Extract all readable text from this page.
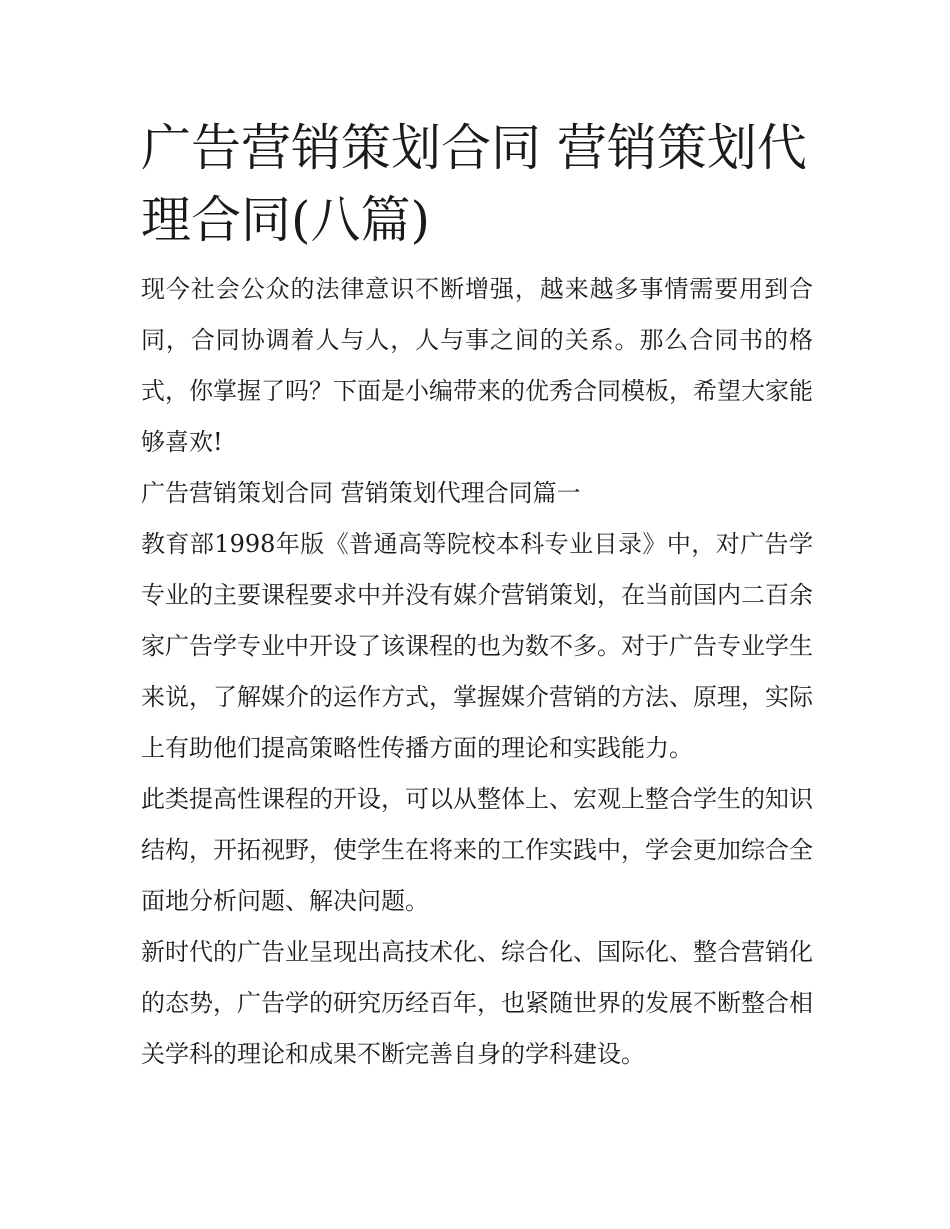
广告营销策划合同 营销策划代理合同(八篇)

现今社会公众的法律意识不断增强，越来越多事情需要用到合同，合同协调着人与人，人与事之间的关系。那么合同书的格式，你掌握了吗？下面是小编带来的优秀合同模板，希望大家能够喜欢!

广告营销策划合同 营销策划代理合同篇一

教育部1998年版《普通高等院校本科专业目录》中，对广告学专业的主要课程要求中并没有媒介营销策划，在当前国内二百余家广告学专业中开设了该课程的也为数不多。对于广告专业学生来说，了解媒介的运作方式，掌握媒介营销的方法、原理，实际上有助他们提高策略性传播方面的理论和实践能力。

此类提高性课程的开设，可以从整体上、宏观上整合学生的知识结构，开拓视野，使学生在将来的工作实践中，学会更加综合全面地分析问题、解决问题。

新时代的广告业呈现出高技术化、综合化、国际化、整合营销化的态势，广告学的研究历经百年，也紧随世界的发展不断整合相关学科的理论和成果不断完善自身的学科建设。
